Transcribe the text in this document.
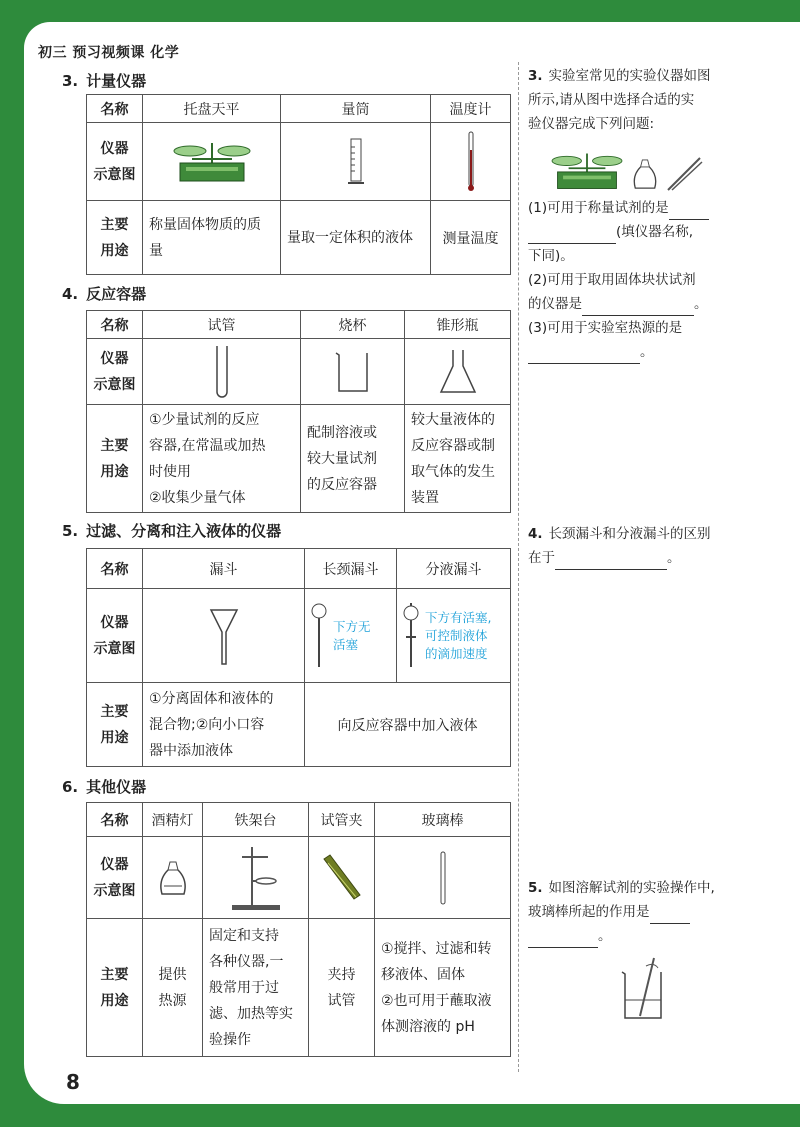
初三 预习视频课 化学
8
3. 计量仪器
名称	托盘天平	量筒	温度计
仪器
示意图	

主要
用途	称量固体物质的质量	量取一定体积的液体	测量温度
4. 反应容器
名称	试管	烧杯	锥形瓶
仪器
示意图	

主要
用途	①少量试剂的反应
容器,在常温或加热
时使用
②收集少量气体	配制溶液或
较大量试剂
的反应容器	较大量液体的
反应容器或制
取气体的发生
装置
5. 过滤、分离和注入液体的仪器
名称	漏斗	长颈漏斗	分液漏斗
仪器
示意图		下方无
活塞	下方有活塞,
可控制液体
的滴加速度

主要
用途	①分离固体和液体的
混合物;②向小口容
器中添加液体	向反应容器中加入液体	
6. 其他仪器
名称	酒精灯	铁架台	试管夹	玻璃棒
仪器
示意图	

主要
用途	提供
热源	固定和支持
各种仪器,一
般常用于过
滤、加热等实
验操作	夹持
试管	①搅拌、过滤和转
移液体、固体
②也可用于蘸取液
体测溶液的 pH
3. 实验室常见的实验仪器如图
所示,请从图中选择合适的实
验仪器完成下列问题:
(1)可用于称量试剂的是
(填仪器名称,
下同)。
(2)可用于取用固体块状试剂
的仪器是	。
(3)可用于实验室热源的是
。
4. 长颈漏斗和分液漏斗的区别
在于	。
5. 如图溶解试剂的实验操作中,
玻璃棒所起的作用是
。
